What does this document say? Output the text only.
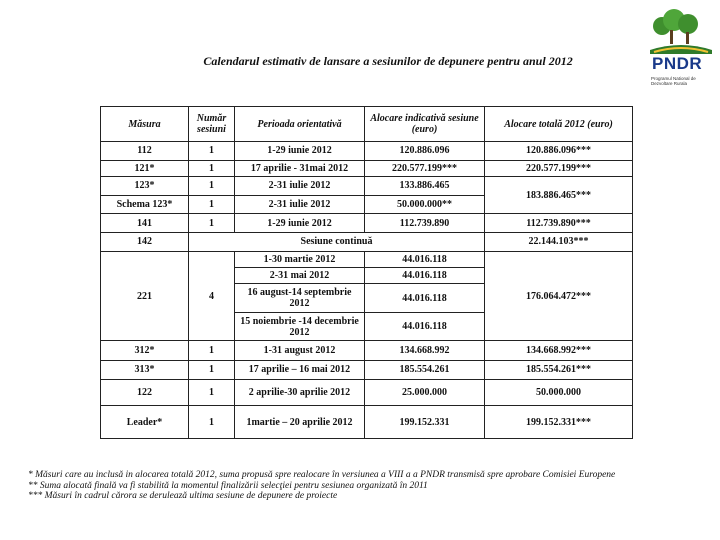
Calendarul estimativ de lansare a sesiunilor de depunere pentru anul 2012	PNDR
Programul National de Dezvoltare Rurala
Măsura	Număr sesiuni	Perioada orientativă	Alocare indicativă sesiune (euro)	Alocare totală 2012 (euro)
112	1	1-29 iunie 2012	120.886.096	120.886.096***
121*	1	17 aprilie - 31mai 2012	220.577.199***	220.577.199***
123*	1	2-31 iulie 2012	133.886.465	183.886.465***
Schema 123*	1	2-31 iulie 2012	50.000.000**	
141	1	1-29 iunie 2012	112.739.890	112.739.890***
142	Sesiune continuă			22.144.103***
221	4	1-30 martie 2012	44.016.118	176.064.472***
		2-31 mai 2012	44.016.118	
		16 august-14 septembrie 2012	44.016.118	
		15 noiembrie -14 decembrie 2012	44.016.118	
312*	1	1-31 august 2012	134.668.992	134.668.992***
313*	1	17 aprilie – 16 mai 2012	185.554.261	185.554.261***
122	1	2 aprilie-30 aprilie 2012	25.000.000	50.000.000
Leader*	1	1martie – 20 aprilie 2012	199.152.331	199.152.331***
* Măsuri care au inclusă in alocarea totală 2012, suma propusă spre realocare în versiunea a VIII a a PNDR transmisă spre aprobare Comisiei Europene
** Suma alocată finală va fi stabilită la momentul finalizării selecţiei pentru sesiunea organizată în 2011
*** Măsuri în cadrul cărora se derulează ultima sesiune de depunere de proiecte
